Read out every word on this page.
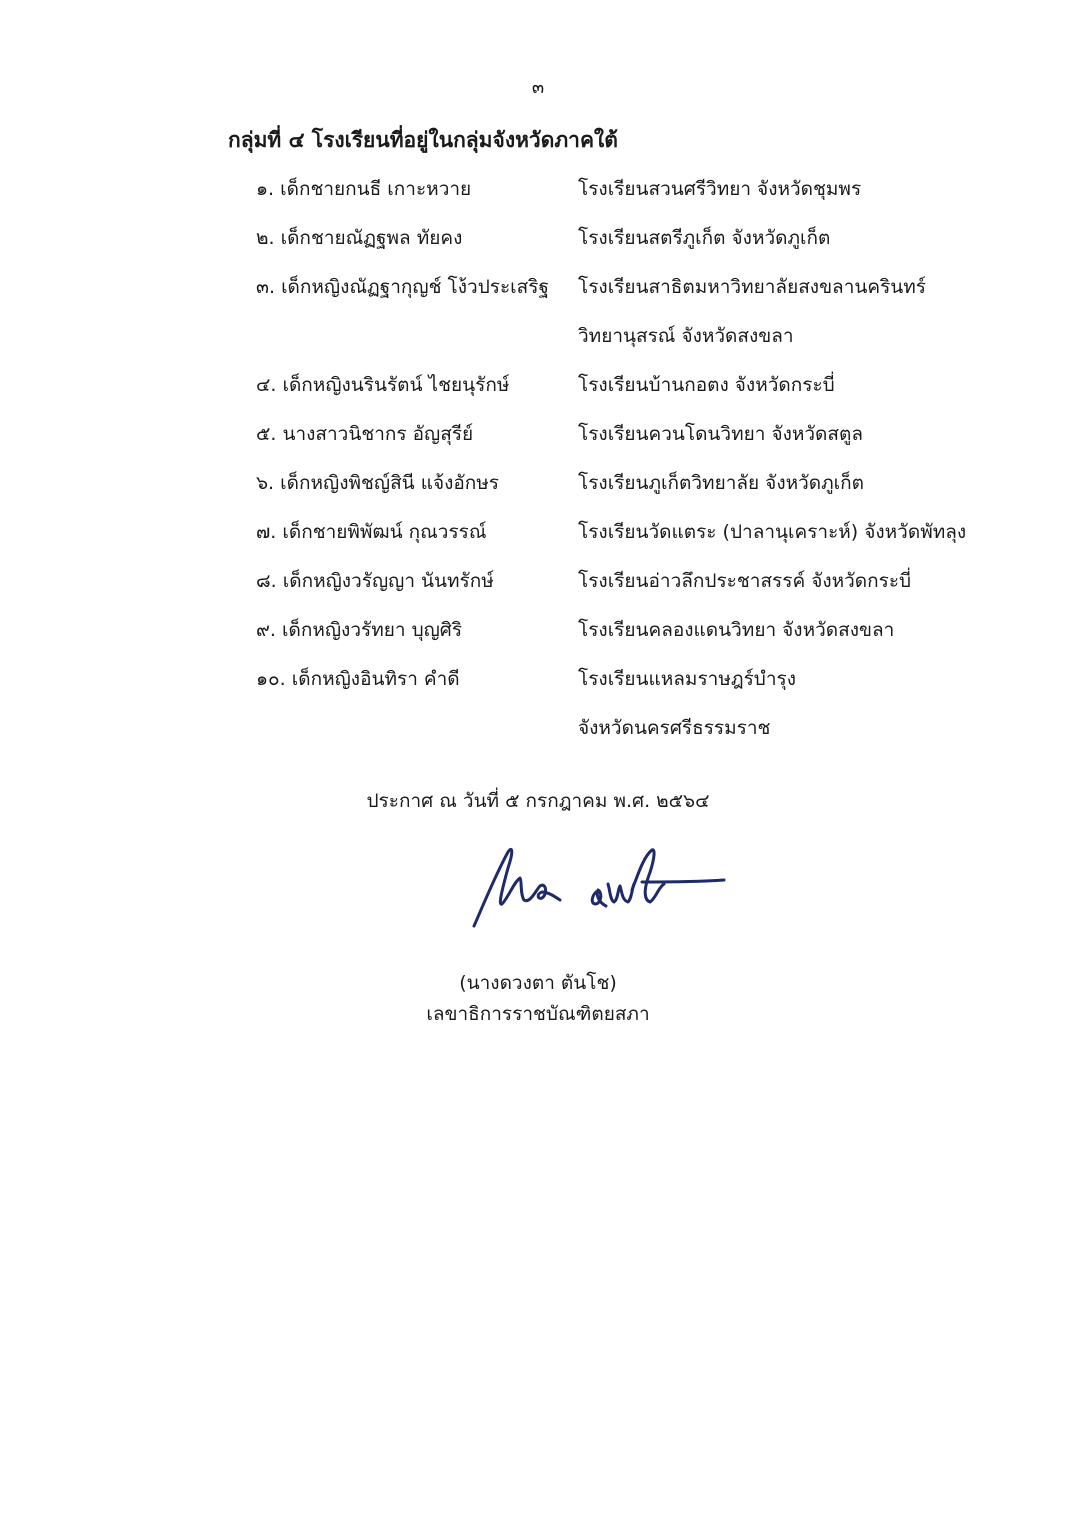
๓
กลุ่มที่ ๔ โรงเรียนที่อยู่ในกลุ่มจังหวัดภาคใต้
๑. เด็กชายกนธี เกาะหวาย	โรงเรียนสวนศรีวิทยา จังหวัดชุมพร
๒. เด็กชายณัฏฐพล ทัยคง	โรงเรียนสตรีภูเก็ต จังหวัดภูเก็ต
๓. เด็กหญิงณัฏฐากุญช์ โง้วประเสริฐ โรงเรียนสาธิตมหาวิทยาลัยสงขลานครินทร์
วิทยานุสรณ์ จังหวัดสงขลา
๔. เด็กหญิงนรินรัตน์ ไชยนุรักษ์	โรงเรียนบ้านกอตง จังหวัดกระบี่
๕. นางสาวนิชากร อัญสุรีย์	โรงเรียนควนโดนวิทยา จังหวัดสตูล
๖. เด็กหญิงพิชญ์สินี แจ้งอักษร	โรงเรียนภูเก็ตวิทยาลัย จังหวัดภูเก็ต
๗. เด็กชายพิพัฒน์ กุณวรรณ์	โรงเรียนวัดแตระ (ปาลานุเคราะห์) จังหวัดพัทลุง
๘. เด็กหญิงวรัญญา นันทรักษ์	โรงเรียนอ่าวลึกประชาสรรค์ จังหวัดกระบี่
๙. เด็กหญิงวรัทยา บุญศิริ	โรงเรียนคลองแดนวิทยา จังหวัดสงขลา
๑๐. เด็กหญิงอินทิรา คำดี	โรงเรียนแหลมราษฎร์บำรุง
จังหวัดนครศรีธรรมราช
ประกาศ ณ วันที่ ๕ กรกฎาคม พ.ศ. ๒๕๖๔
(นางดวงตา ตันโช)
เลขาธิการราชบัณฑิตยสภา
